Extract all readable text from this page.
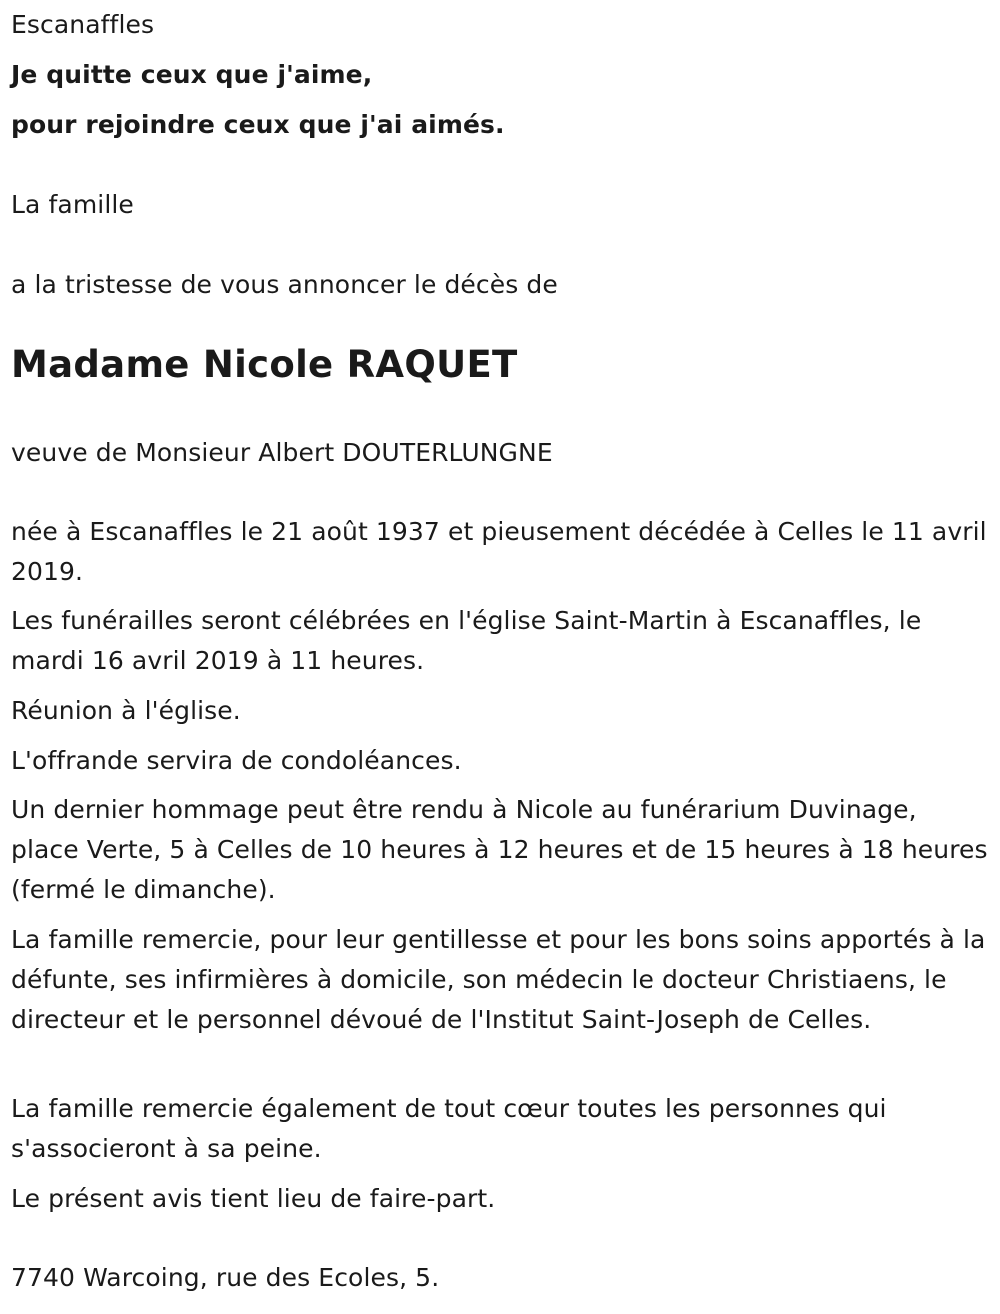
Escanaffles

Je quitte ceux que j'aime,

pour rejoindre ceux que j'ai aimés.

La famille

a la tristesse de vous annoncer le décès de

Madame Nicole RAQUET

veuve de Monsieur Albert DOUTERLUNGNE

née à Escanaffles le 21 août 1937 et pieusement décédée à Celles le 11 avril 2019.

Les funérailles seront célébrées en l'église Saint-Martin à Escanaffles, le mardi 16 avril 2019 à 11 heures.

Réunion à l'église.

L'offrande servira de condoléances.

Un dernier hommage peut être rendu à Nicole au funérarium Duvinage, place Verte, 5 à Celles de 10 heures à 12 heures et de 15 heures à 18 heures (fermé le dimanche).

La famille remercie, pour leur gentillesse et pour les bons soins apportés à la défunte, ses infirmières à domicile, son médecin le docteur Christiaens, le directeur et le personnel dévoué de l'Institut Saint-Joseph de Celles.

La famille remercie également de tout cœur toutes les personnes qui s'associeront à sa peine.

Le présent avis tient lieu de faire-part.

7740 Warcoing, rue des Ecoles, 5.
